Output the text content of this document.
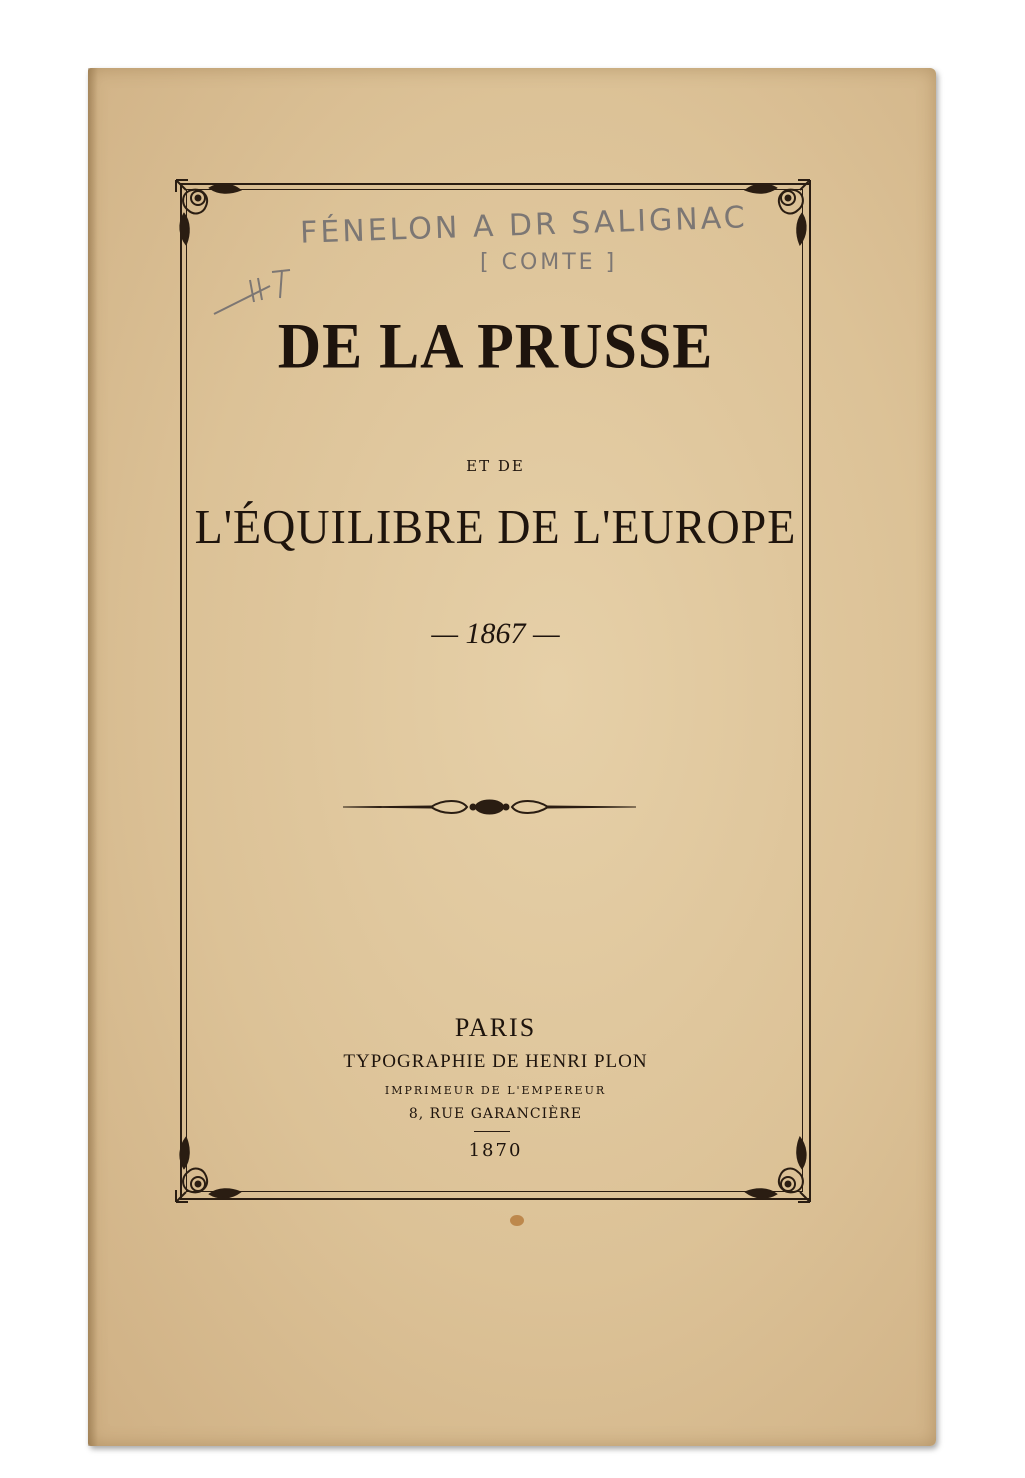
FÉNELON A DR SALIGNAC
[ COMTE ]
DE LA PRUSSE
ET DE
L'ÉQUILIBRE DE L'EUROPE
— 1867 —
PARIS
TYPOGRAPHIE DE HENRI PLON
IMPRIMEUR DE L'EMPEREUR
8, RUE GARANCIÈRE
1870
